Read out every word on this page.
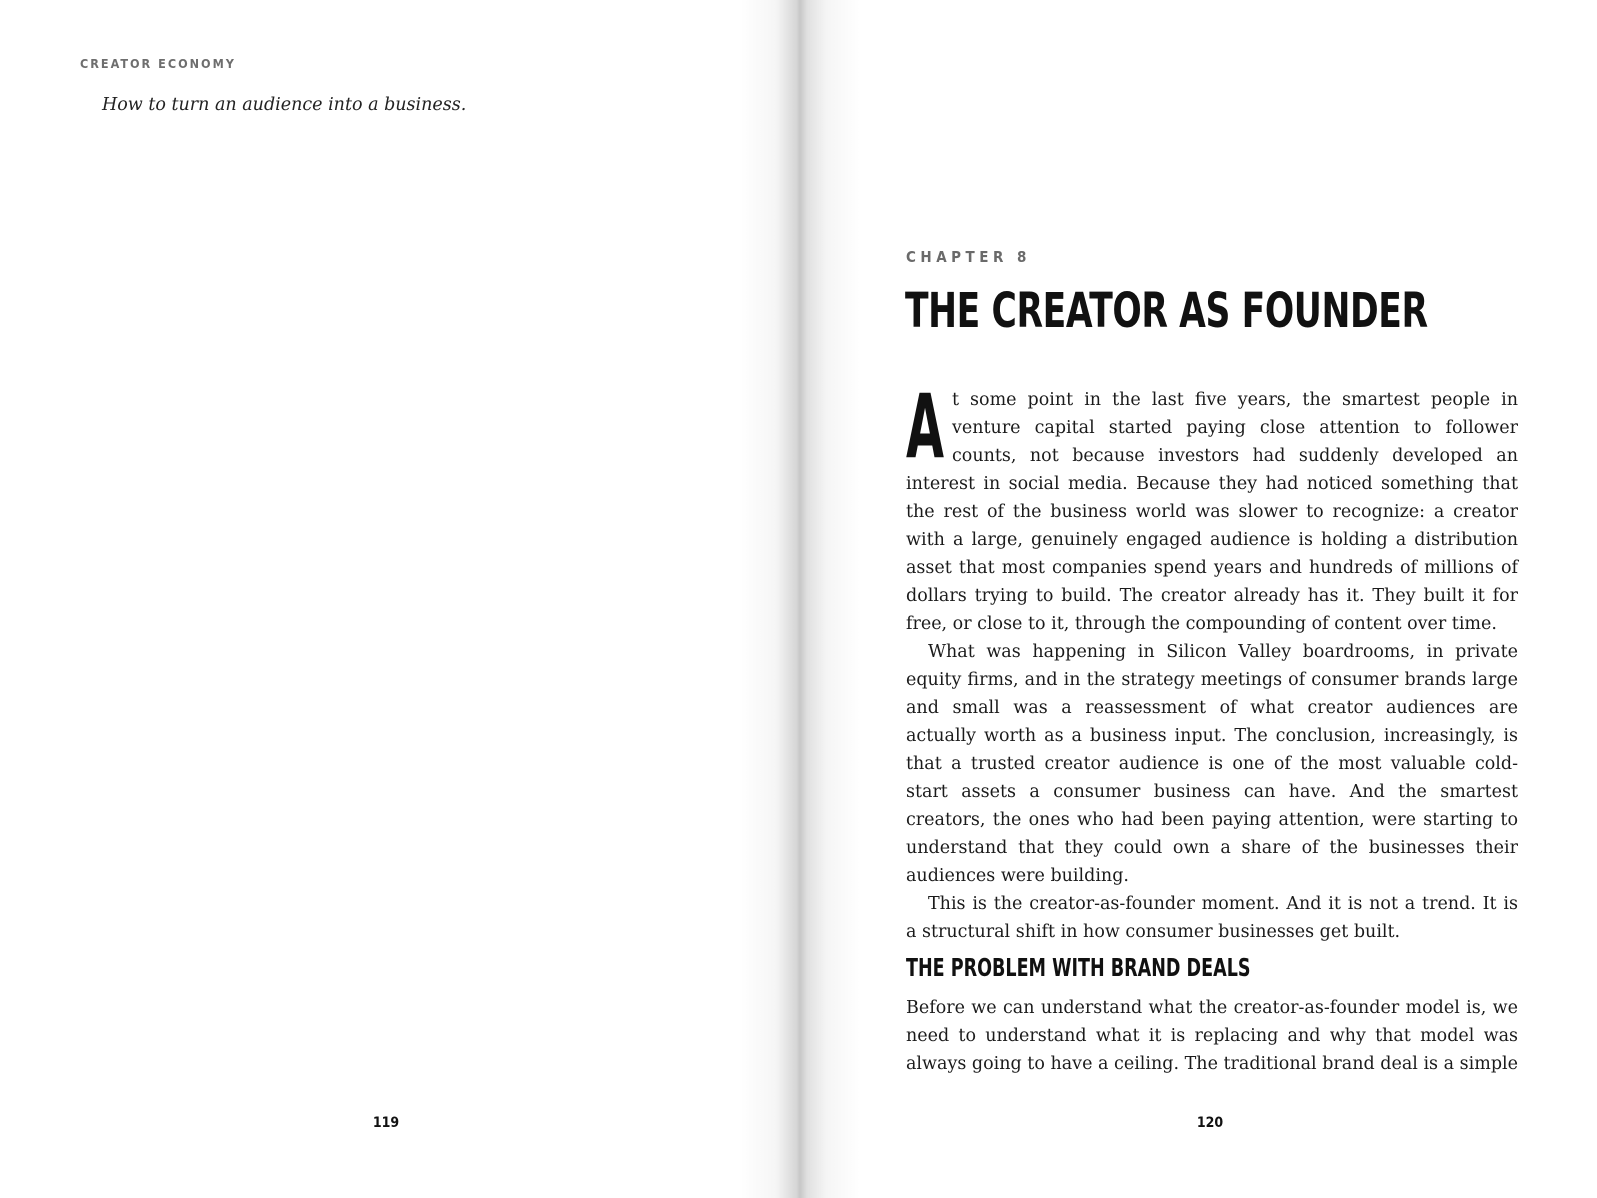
CREATOR ECONOMY

How to turn an audience into a business.

119

CHAPTER 8

THE CREATOR AS FOUNDER

At some point in the last five years, the smartest people in venture capital started paying close attention to follower counts, not because investors had suddenly developed an interest in social media. Because they had noticed something that the rest of the business world was slower to recognize: a creator with a large, genuinely engaged audience is holding a distribution asset that most companies spend years and hundreds of millions of dollars trying to build. The creator already has it. They built it for free, or close to it, through the compounding of content over time.

What was happening in Silicon Valley boardrooms, in private equity firms, and in the strategy meetings of consumer brands large and small was a reassessment of what creator audiences are actually worth as a business input. The conclusion, increasingly, is that a trusted creator audience is one of the most valuable cold-start assets a consumer business can have. And the smartest creators, the ones who had been paying attention, were starting to understand that they could own a share of the businesses their audiences were building.

This is the creator-as-founder moment. And it is not a trend. It is a structural shift in how consumer businesses get built.

THE PROBLEM WITH BRAND DEALS

Before we can understand what the creator-as-founder model is, we need to understand what it is replacing and why that model was always going to have a ceiling. The traditional brand deal is a simple

120
